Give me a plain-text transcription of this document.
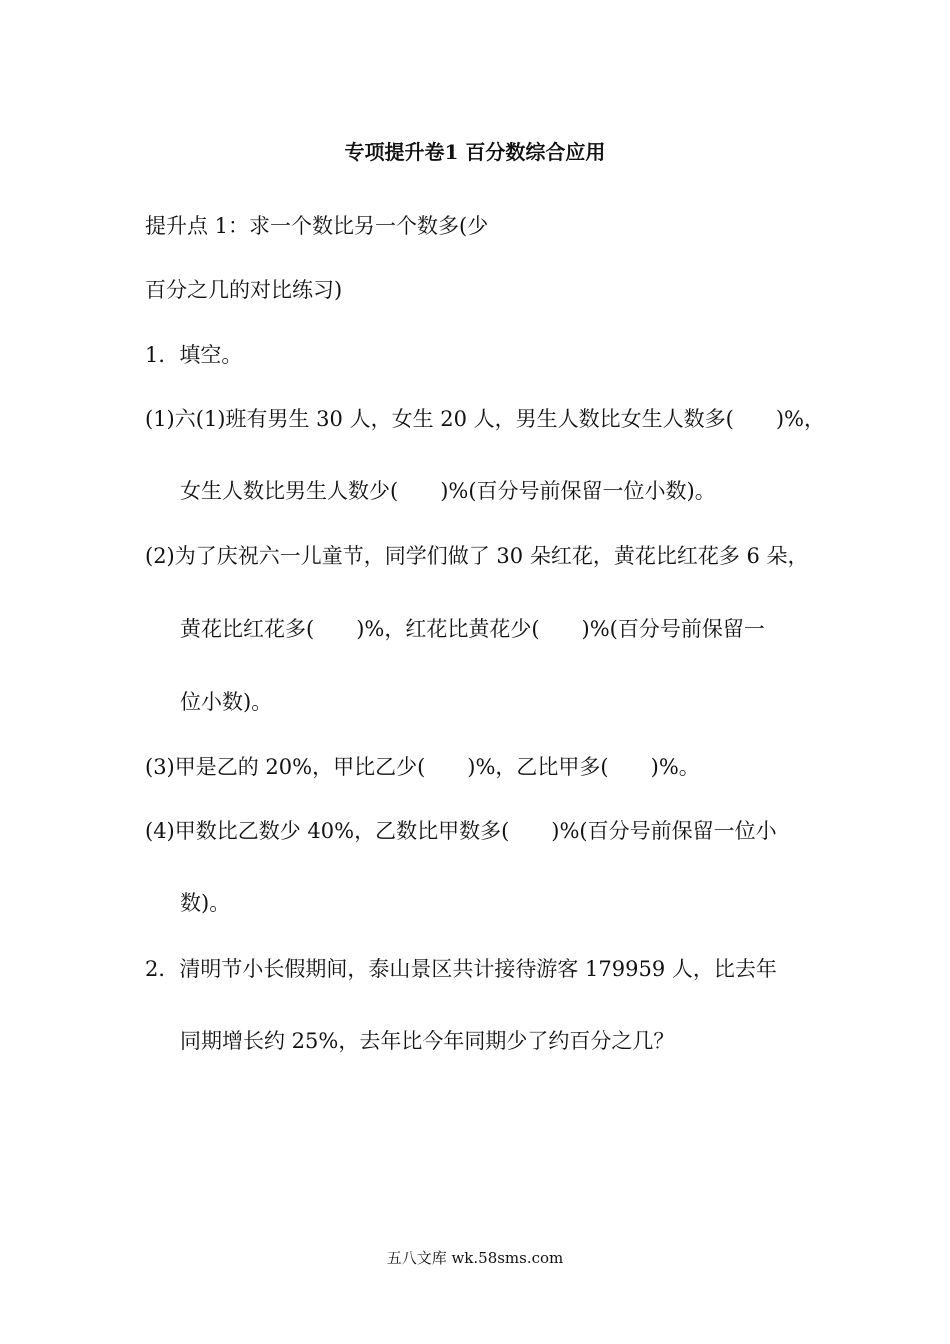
专项提升卷1 百分数综合应用
提升点 1：求一个数比另一个数多(少
百分之几的对比练习)
1．填空。
(1)六(1)班有男生 30 人，女生 20 人，男生人数比女生人数多(　　)%，
女生人数比男生人数少(　　)%(百分号前保留一位小数)。
(2)为了庆祝六一儿童节，同学们做了 30 朵红花，黄花比红花多 6 朵，
黄花比红花多(　　)%，红花比黄花少(　　)%(百分号前保留一
位小数)。
(3)甲是乙的 20%，甲比乙少(　　)%，乙比甲多(　　)%。
(4)甲数比乙数少 40%，乙数比甲数多(　　)%(百分号前保留一位小
数)。
2．清明节小长假期间，泰山景区共计接待游客 179959 人，比去年
同期增长约 25%，去年比今年同期少了约百分之几？
五八文库 wk.58sms.com
